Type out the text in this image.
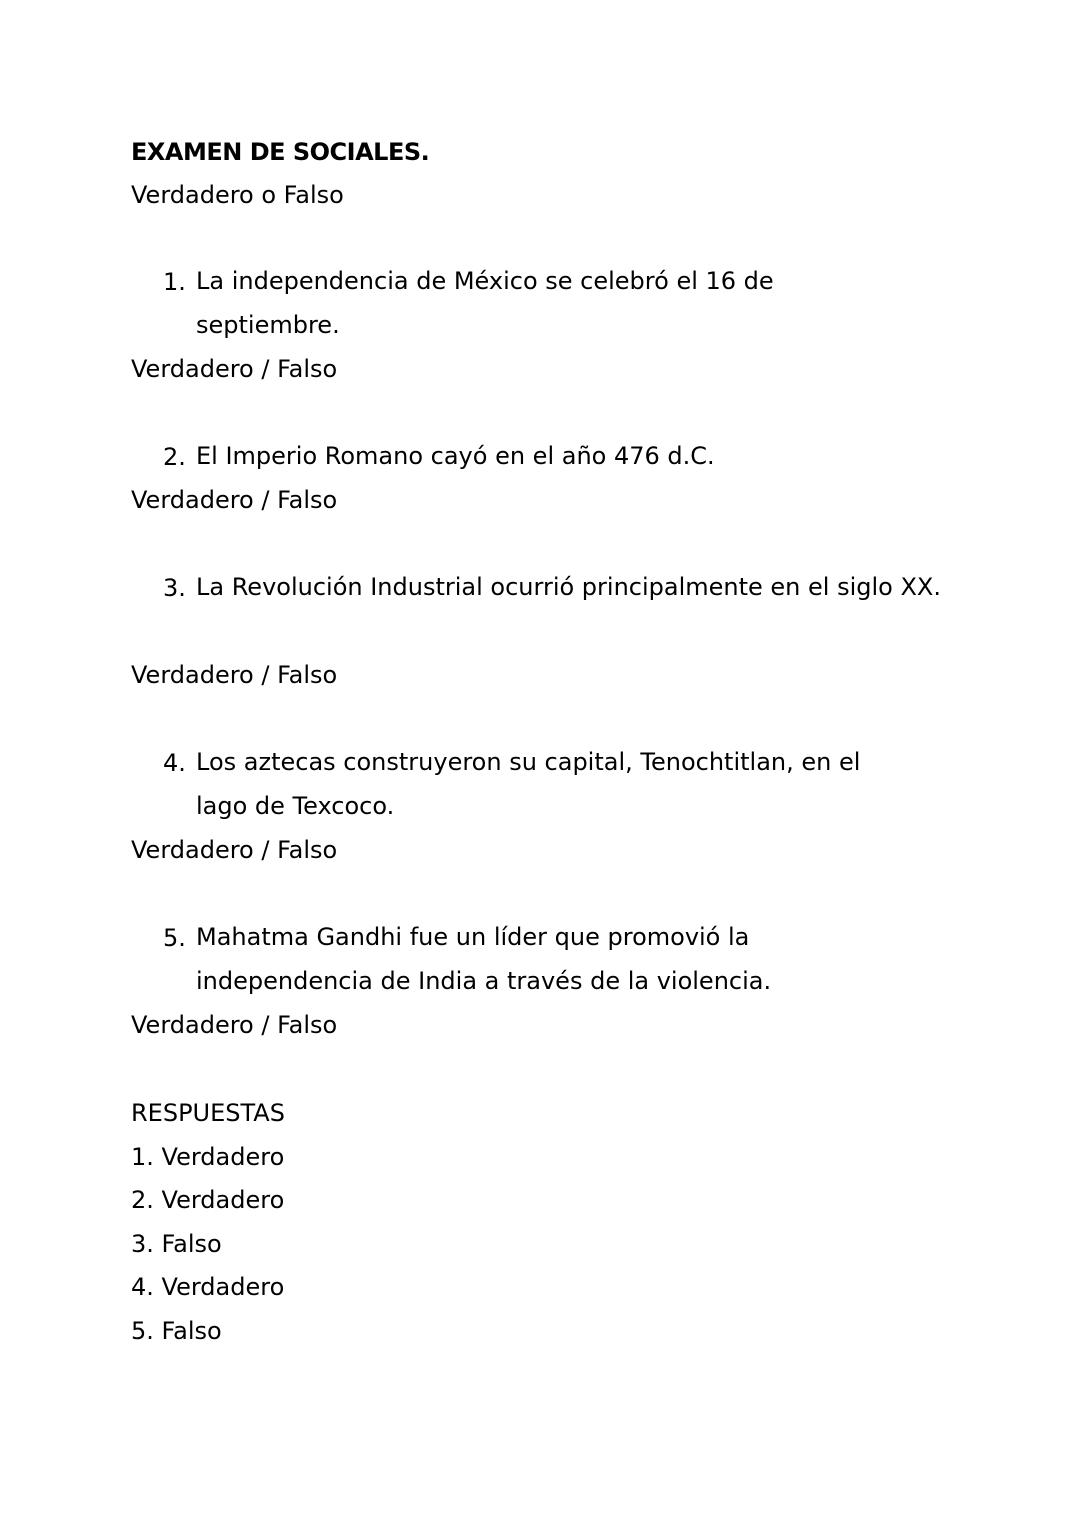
EXAMEN DE SOCIALES.
Verdadero o Falso
1. La independencia de México se celebró el 16 de septiembre.
Verdadero / Falso
2. El Imperio Romano cayó en el año 476 d.C.
Verdadero / Falso
3. La Revolución Industrial ocurrió principalmente en el siglo XX.
Verdadero / Falso
4. Los aztecas construyeron su capital, Tenochtitlan, en el lago de Texcoco.
Verdadero / Falso
5. Mahatma Gandhi fue un líder que promovió la independencia de India a través de la violencia.
Verdadero / Falso
RESPUESTAS
1. Verdadero
2. Verdadero
3. Falso
4. Verdadero
5. Falso
